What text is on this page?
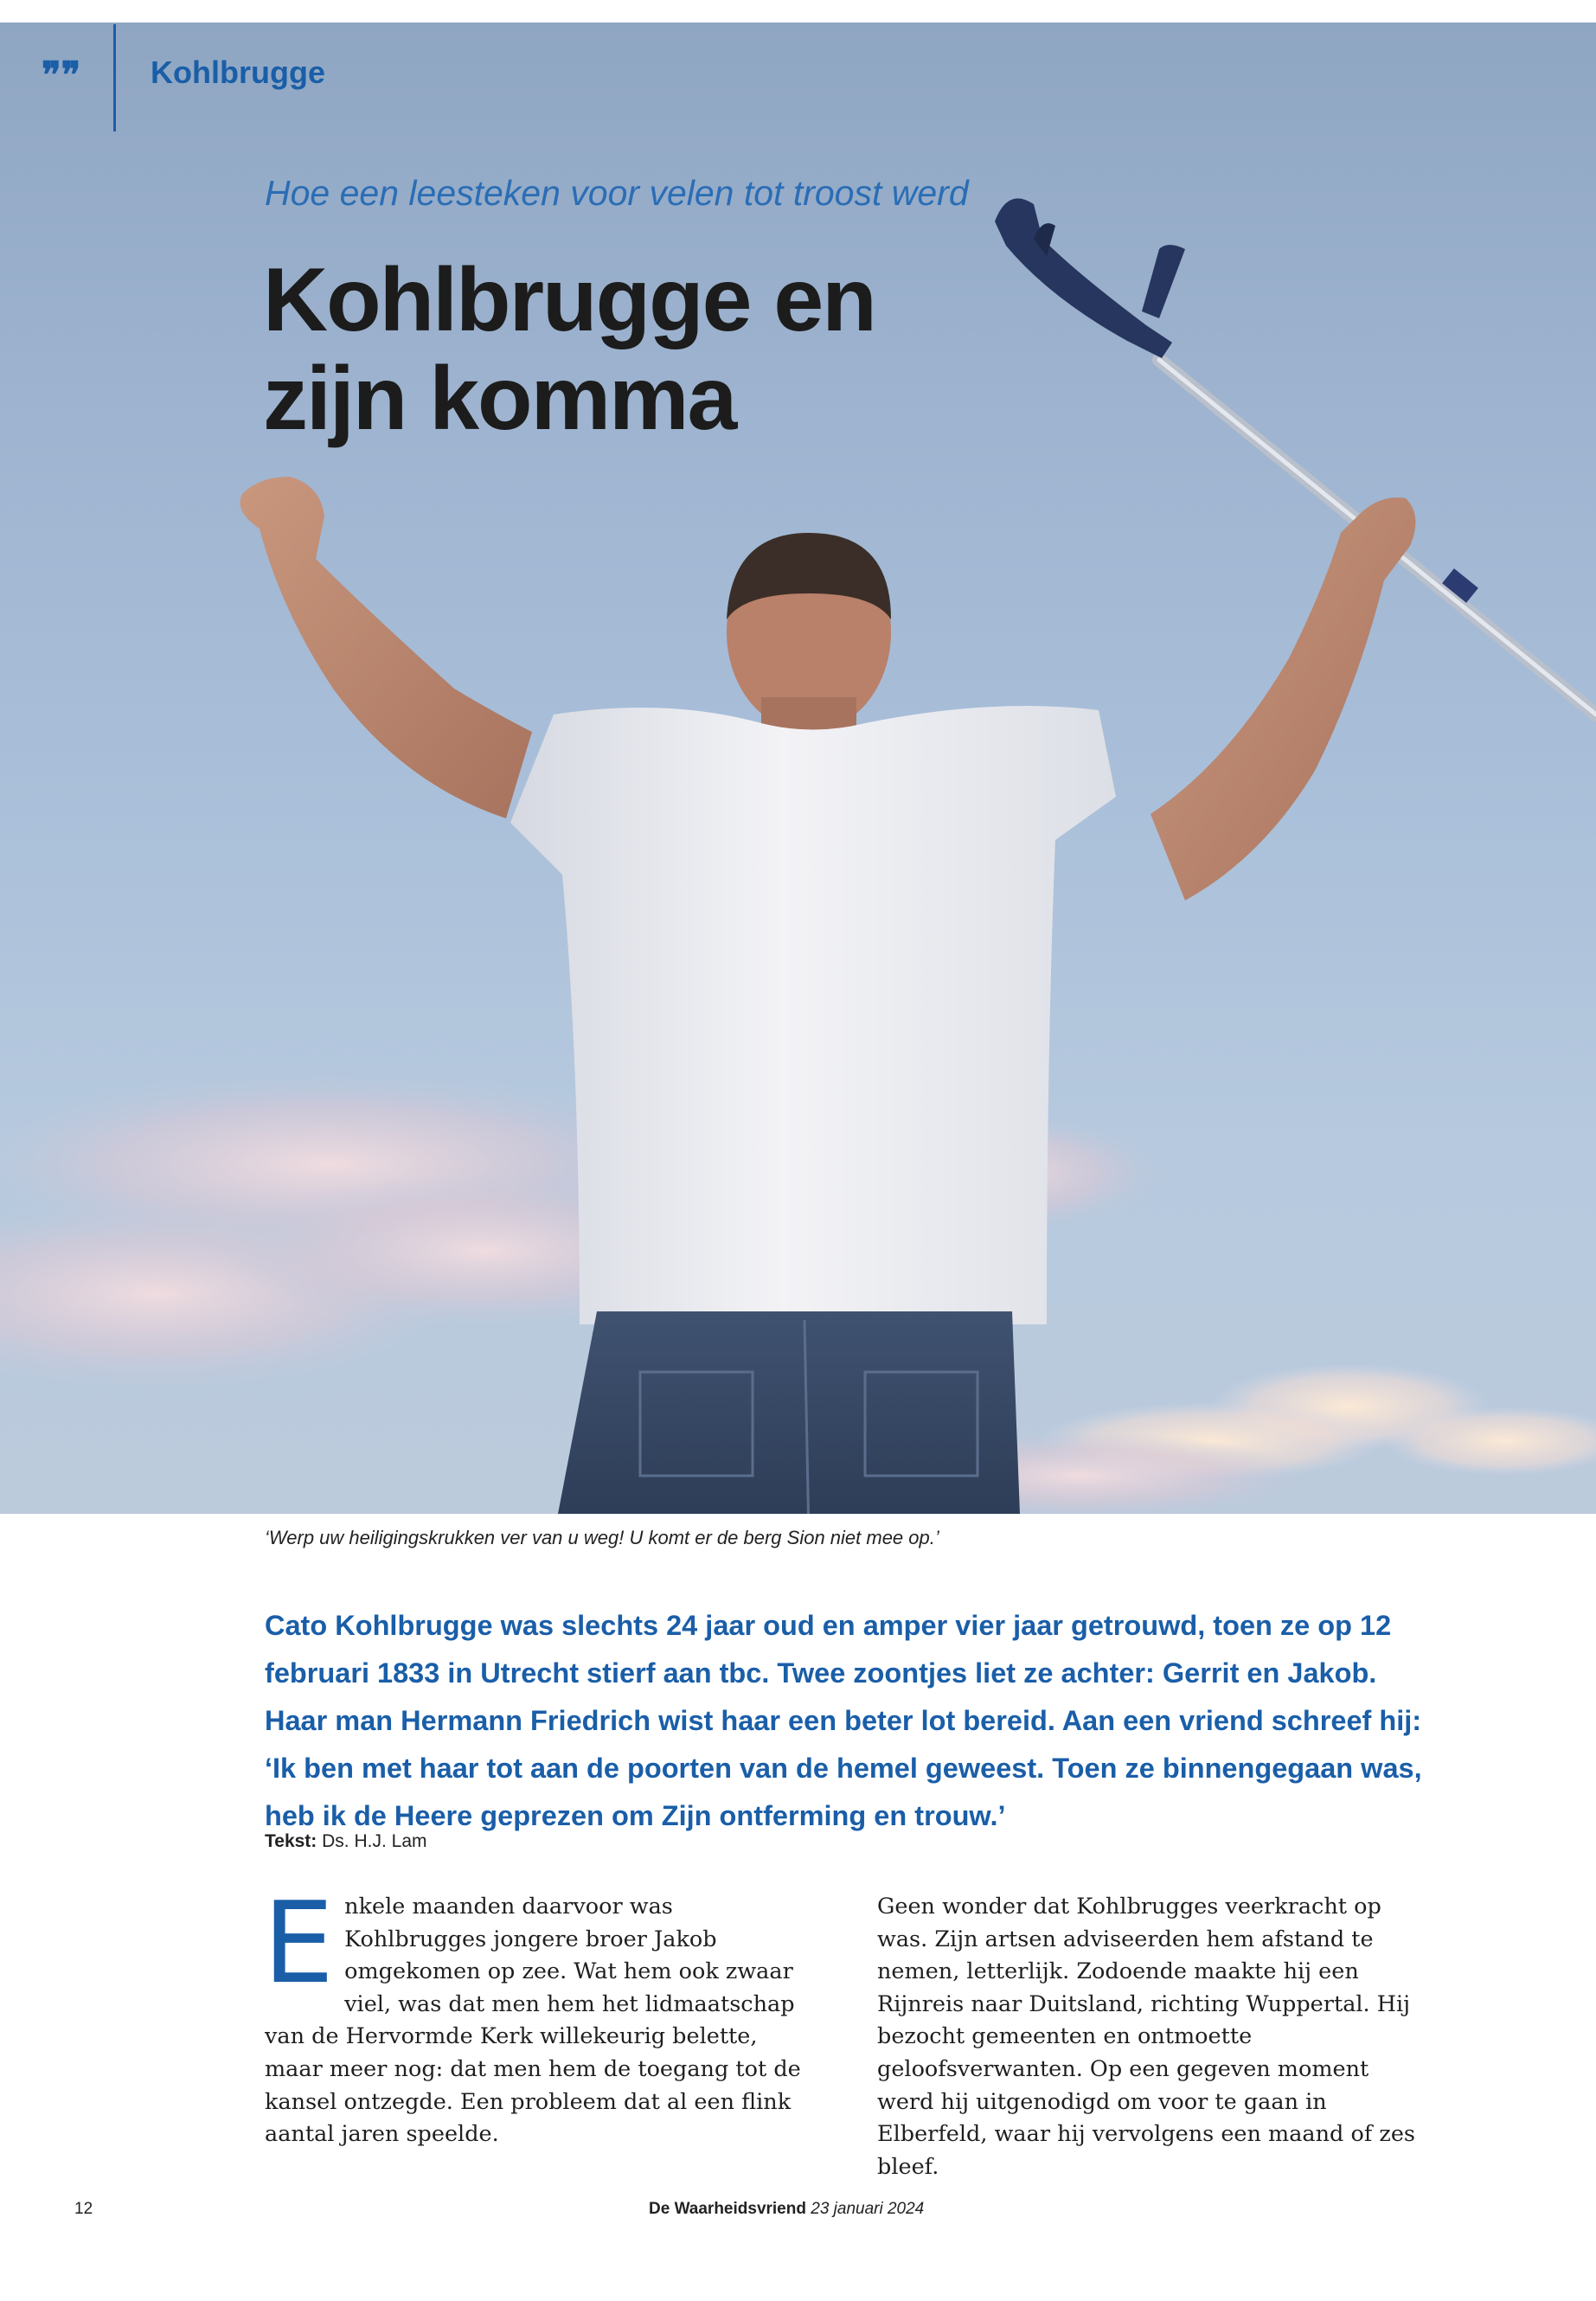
❞❞ Kohlbrugge
Hoe een leesteken voor velen tot troost werd
Kohlbrugge en
zijn komma
‘Werp uw heiligingskrukken ver van u weg! U komt er de berg Sion niet mee op.’

Cato Kohlbrugge was slechts 24 jaar oud en amper vier jaar getrouwd, toen ze op 12 februari 1833 in Utrecht stierf aan tbc. Twee zoontjes liet ze achter: Gerrit en Jakob. Haar man Hermann Friedrich wist haar een beter lot bereid. Aan een vriend schreef hij: ‘Ik ben met haar tot aan de poorten van de hemel geweest. Toen ze binnengegaan was, heb ik de Heere geprezen om Zijn ontferming en trouw.’

Tekst: Ds. H.J. Lam

Enkele maanden daarvoor was Kohlbrugges jongere broer Jakob omgekomen op zee. Wat hem ook zwaar viel, was dat men hem het lidmaatschap van de Hervormde Kerk willekeurig belette, maar meer nog: dat men hem de toegang tot de kansel ontzegde. Een probleem dat al een flink aantal jaren speelde.

Geen wonder dat Kohlbrugges veerkracht op was. Zijn artsen adviseerden hem afstand te nemen, letterlijk. Zodoende maakte hij een Rijnreis naar Duitsland, richting Wuppertal. Hij bezocht gemeenten en ontmoette geloofsverwanten. Op een gegeven moment werd hij uitgenodigd om voor te gaan in Elberfeld, waar hij vervolgens een maand of zes bleef.

12	De Waarheidsvriend 23 januari 2024
